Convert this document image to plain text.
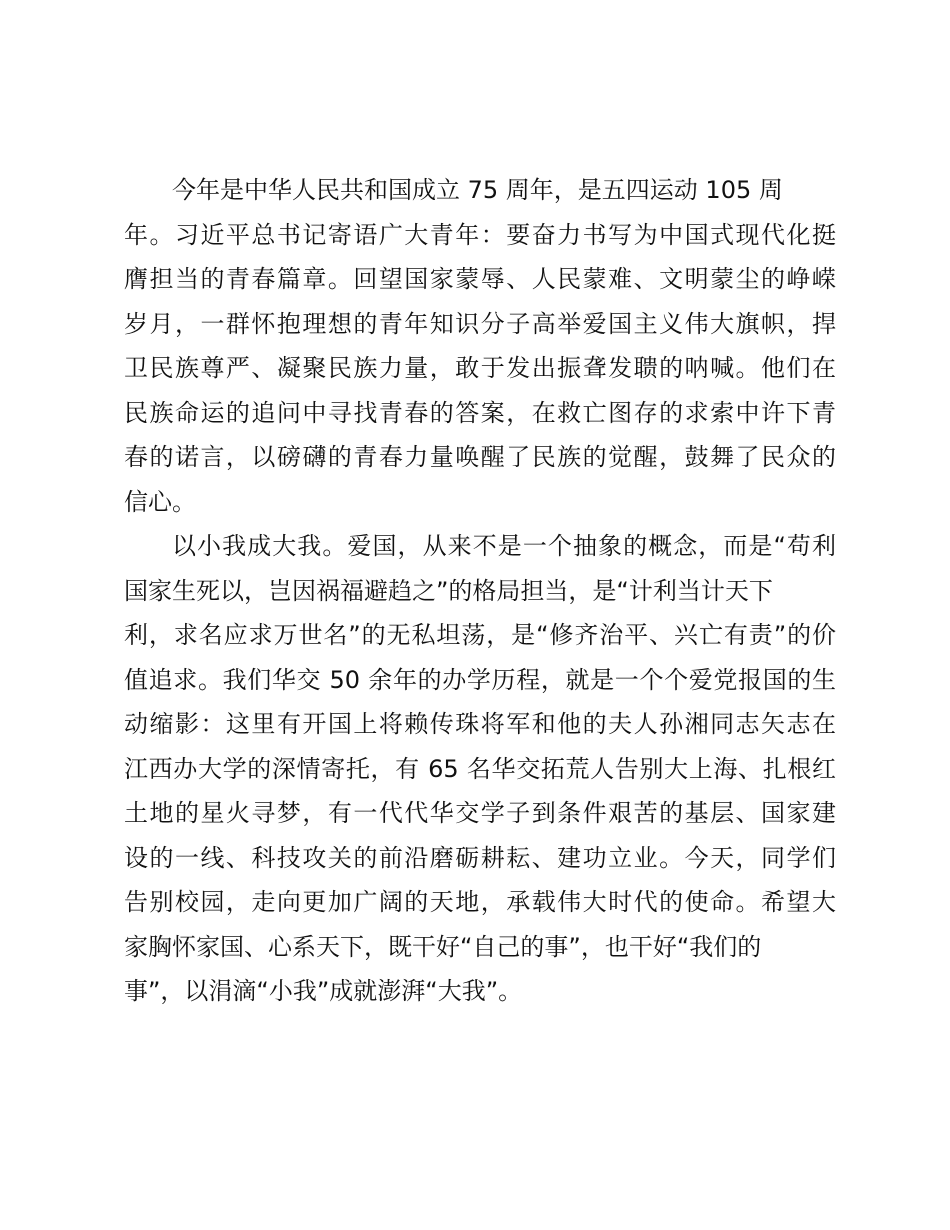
今年是中华人民共和国成立 75 周年，是五四运动 105 周
年。习近平总书记寄语广大青年：要奋力书写为中国式现代化挺
膺担当的青春篇章。回望国家蒙辱、人民蒙难、文明蒙尘的峥嵘
岁月，一群怀抱理想的青年知识分子高举爱国主义伟大旗帜，捍
卫民族尊严、凝聚民族力量，敢于发出振聋发聩的呐喊。他们在
民族命运的追问中寻找青春的答案，在救亡图存的求索中许下青
春的诺言，以磅礴的青春力量唤醒了民族的觉醒，鼓舞了民众的
信心。
以小我成大我。爱国，从来不是一个抽象的概念，而是“苟利
国家生死以，岂因祸福避趋之”的格局担当，是“计利当计天下
利，求名应求万世名”的无私坦荡，是“修齐治平、兴亡有责”的价
值追求。我们华交 50 余年的办学历程，就是一个个爱党报国的生
动缩影：这里有开国上将赖传珠将军和他的夫人孙湘同志矢志在
江西办大学的深情寄托，有 65 名华交拓荒人告别大上海、扎根红
土地的星火寻梦，有一代代华交学子到条件艰苦的基层、国家建
设的一线、科技攻关的前沿磨砺耕耘、建功立业。今天，同学们
告别校园，走向更加广阔的天地，承载伟大时代的使命。希望大
家胸怀家国、心系天下，既干好“自己的事”，也干好“我们的
事”，以涓滴“小我”成就澎湃“大我”。
